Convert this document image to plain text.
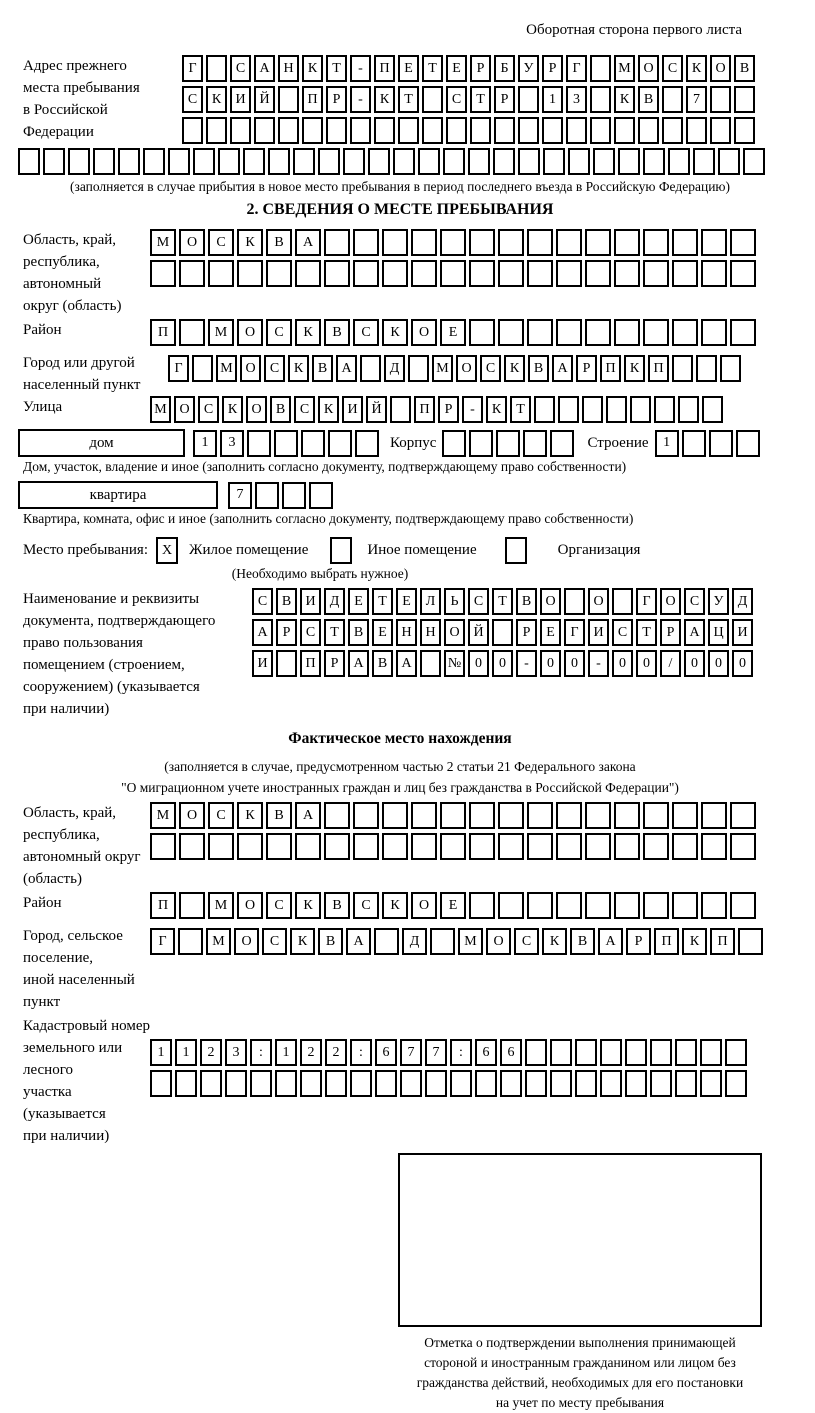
Оборотная сторона первого листа
Адрес прежнего
места пребывания
в Российской
Федерации
Г	С	А Н	К	Т	-	П	Е	Т	Е	Р	Б	У	Р	Г	М О	С	К	О	В
С	К	И Й	П	Р	-	К	Т	С	Т	Р	1	3	К	В	7
(заполняется в случае прибытия в новое место пребывания в период последнего въезда в Российскую Федерацию)
2. СВЕДЕНИЯ О МЕСТЕ ПРЕБЫВАНИЯ
Область, край,
республика,
автономный
округ (область)
М	О	С	К	В	А
Район	П	М	О	С	К	В	С	К	О	Е
Город или другой
населенный пункт
Г	М О	С	К	В	А	Д	М О	С	К	В	А	Р	П	К	П
Улица	М О	С	К	О	В	С	К	И Й	П	Р	-	К	Т
дом	1	3	Корпус	Строение	1
Дом, участок, владение и иное (заполнить согласно документу, подтверждающему право собственности)
квартира	7
Квартира, комната, офис и иное (заполнить согласно документу, подтверждающему право собственности)
Место пребывания: X	Жилое помещение	Иное помещение	Организация
(Необходимо выбрать нужное)
Наименование и реквизиты
документа, подтверждающего
право пользования
помещением (строением,
сооружением) (указывается
при наличии)
С	В	И	Д	Е	Т	Е	Л	Ь	С	Т	В	О	О	Г	О	С	У	Д
А	Р	С	Т	В	Е	Н Н О Й	Р	Е	Г	И	С	Т	Р	А Ц И
И	П	Р	А	В	А	№ 0	0	-	0	0	-	0	0	/	0	0	0
Фактическое место нахождения
(заполняется в случае, предусмотренном частью 2 статьи 21 Федерального закона
"О миграционном учете иностранных граждан и лиц без гражданства в Российской Федерации")
Область, край,
республика,
автономный округ
(область)
М	О	С	К	В	А
Район	П	М	О	С	К	В	С	К	О	Е
Город, сельское поселение,
иной населенный пункт
Г	М	О	С	К	В	А	Д	М	О	С	К	В	А	Р	П	К	П
Кадастровый номер
земельного или лесного
участка (указывается
при наличии)
1	1	2	3	:	1	2	2	:	6	7	7	:	6	6
Отметка о подтверждении выполнения принимающей
стороной и иностранным гражданином или лицом без
гражданства действий, необходимых для его постановки
на учет по месту пребывания
